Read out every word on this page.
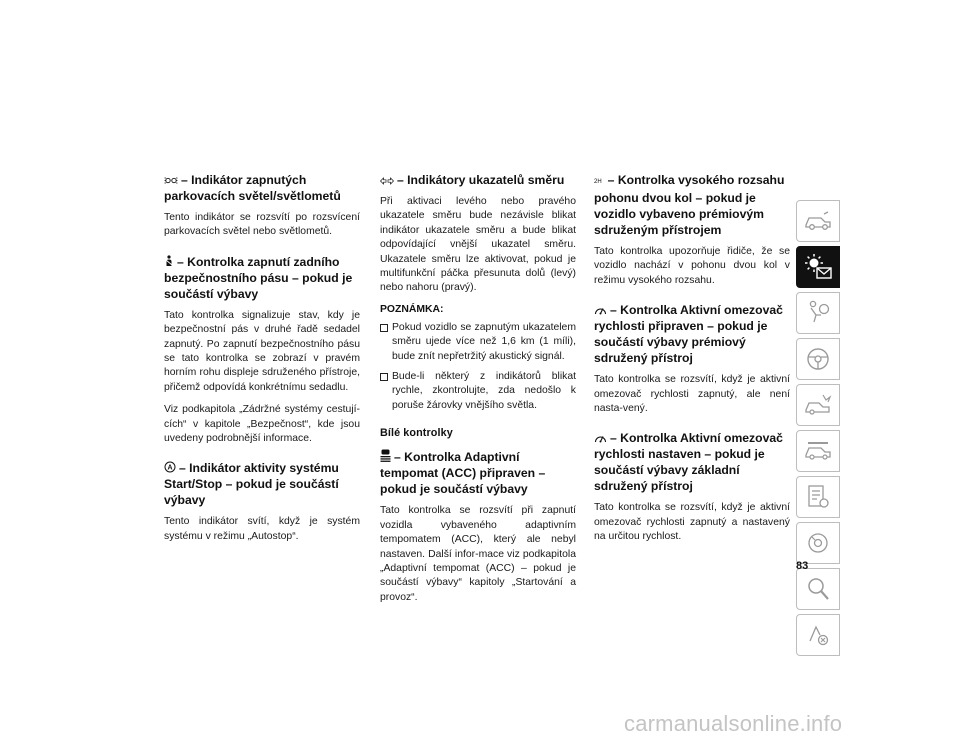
– Indikátor zapnutých parkovacích světel/světlometů

Tento indikátor se rozsvítí po rozsvícení parkovacích světel nebo světlometů.

– Kontrolka zapnutí zadního bezpečnostního pásu – pokud je součástí výbavy

Tato kontrolka signalizuje stav, kdy je bezpečnostní pás v druhé řadě sedadel zapnutý. Po zapnutí bezpečnostního pásu se tato kontrolka se zobrazí v pravém horním rohu displeje sdruženého přístroje, přičemž odpovídá konkrétnímu sedadlu.

Viz podkapitola „Zádržné systémy cestují-cích“ v kapitole „Bezpečnost“, kde jsou uvedeny podrobnější informace.

A – Indikátor aktivity systému Start/Stop – pokud je součástí výbavy

Tento indikátor svítí, když je systém systému v režimu „Autostop“.

– Indikátory ukazatelů směru

Při aktivaci levého nebo pravého ukazatele směru bude nezávisle blikat indikátor ukazatele směru a bude blikat odpovídající vnější ukazatel směru. Ukazatele směru lze aktivovat, pokud je multifunkční páčka přesunuta dolů (levý) nebo nahoru (pravý).

POZNÁMKA:
Pokud vozidlo se zapnutým ukazatelem směru ujede více než 1,6 km (1 míli), bude znít nepřetržitý akustický signál.
Bude-li některý z indikátorů blikat rychle, zkontrolujte, zda nedošlo k poruše žárovky vnějšího světla.
Bílé kontrolky
– Kontrolka Adaptivní tempomat (ACC) připraven – pokud je součástí výbavy

Tato kontrolka se rozsvítí při zapnutí vozidla vybaveného adaptivním tempomatem (ACC), který ale nebyl nastaven. Další infor-mace viz podkapitola „Adaptivní tempomat (ACC) – pokud je součástí výbavy“ kapitoly „Startování a provoz“.

2H – Kontrolka vysokého rozsahu pohonu dvou kol – pokud je vozidlo vybaveno prémiovým sdruženým přístrojem

Tato kontrolka upozorňuje řidiče, že se vozidlo nachází v pohonu dvou kol v režimu vysokého rozsahu.

– Kontrolka Aktivní omezovač rychlosti připraven – pokud je součástí výbavy prémiový sdružený přístroj

Tato kontrolka se rozsvítí, když je aktivní omezovač rychlosti zapnutý, ale není nasta-vený.

– Kontrolka Aktivní omezovač rychlosti nastaven – pokud je součástí výbavy základní sdružený přístroj

Tato kontrolka se rozsvítí, když je aktivní omezovač rychlosti zapnutý a nastavený na určitou rychlost.

83
carmanualsonline.info
